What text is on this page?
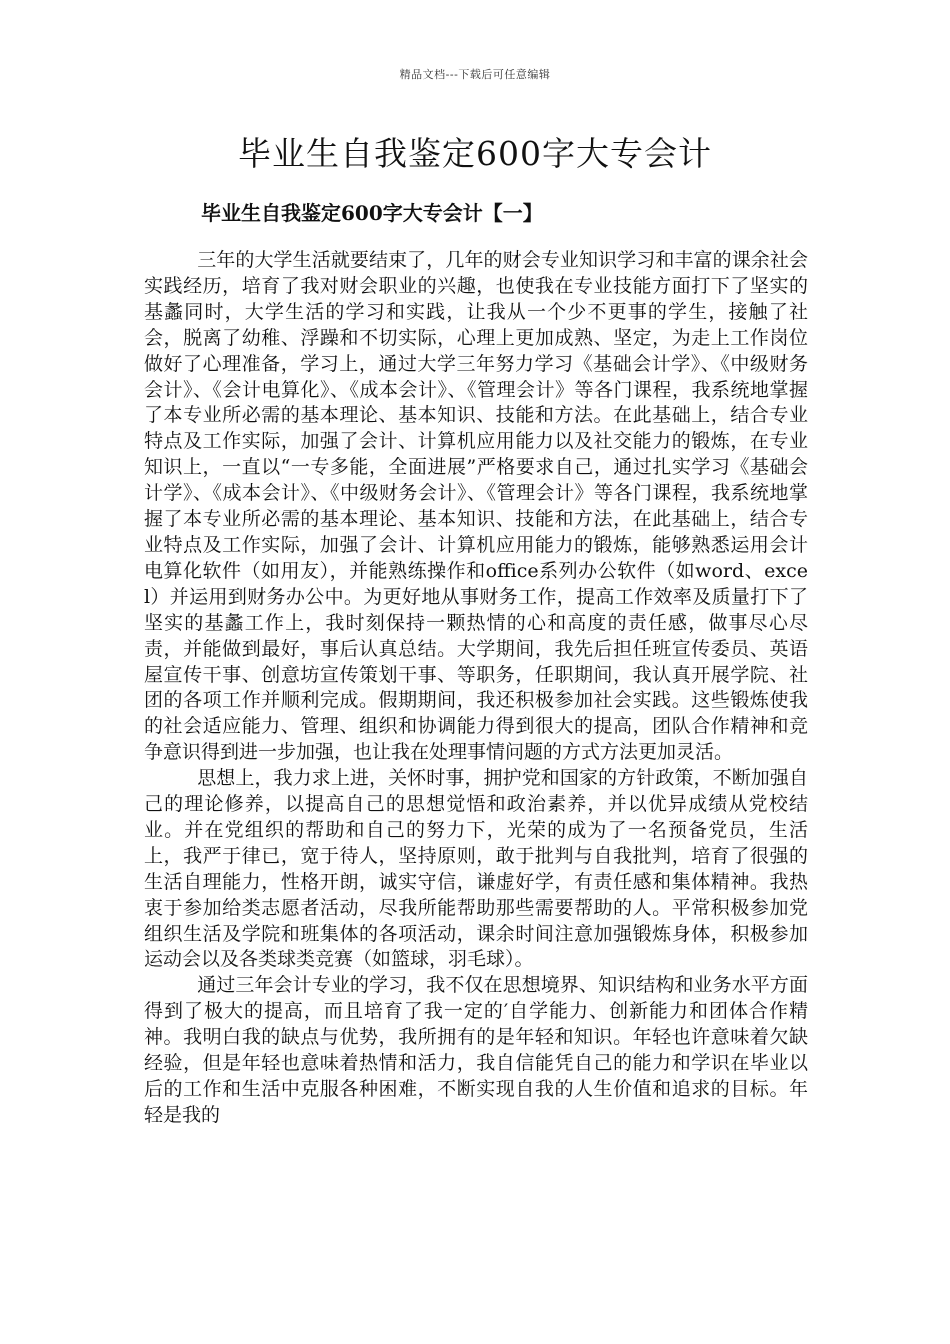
精品文档---下载后可任意编辑
毕业生自我鉴定600字大专会计
毕业生自我鉴定600字大专会计【一】

三年的大学生活就要结束了，几年的财会专业知识学习和丰富的课余社会实践经历，培育了我对财会职业的兴趣，也使我在专业技能方面打下了坚实的基蠡同时，大学生活的学习和实践，让我从一个少不更事的学生，接触了社会，脱离了幼稚、浮躁和不切实际，心理上更加成熟、坚定，为走上工作岗位做好了心理准备，学习上，通过大学三年努力学习《基础会计学》、《中级财务会计》、《会计电算化》、《成本会计》、《管理会计》等各门课程，我系统地掌握了本专业所必需的基本理论、基本知识、技能和方法。在此基础上，结合专业特点及工作实际，加强了会计、计算机应用能力以及社交能力的锻炼，在专业知识上，一直以“一专多能，全面进展”严格要求自己，通过扎实学习《基础会计学》、《成本会计》、《中级财务会计》、《管理会计》等各门课程，我系统地掌握了本专业所必需的基本理论、基本知识、技能和方法，在此基础上，结合专业特点及工作实际，加强了会计、计算机应用能力的锻炼，能够熟悉运用会计电算化软件（如用友），并能熟练操作和office系列办公软件（如word、excel）并运用到财务办公中。为更好地从事财务工作，提高工作效率及质量打下了坚实的基蠡工作上，我时刻保持一颗热情的心和高度的责任感，做事尽心尽责，并能做到最好，事后认真总结。大学期间，我先后担任班宣传委员、英语屋宣传干事、创意坊宣传策划干事、等职务，任职期间，我认真开展学院、社团的各项工作并顺利完成。假期期间，我还积极参加社会实践。这些锻炼使我的社会适应能力、管理、组织和协调能力得到很大的提高，团队合作精神和竞争意识得到进一步加强，也让我在处理事情问题的方式方法更加灵活。

思想上，我力求上进，关怀时事，拥护党和国家的方针政策，不断加强自己的理论修养，以提高自己的思想觉悟和政治素养，并以优异成绩从党校结业。并在党组织的帮助和自己的努力下，光荣的成为了一名预备党员，生活上，我严于律已，宽于待人，坚持原则，敢于批判与自我批判，培育了很强的生活自理能力，性格开朗，诚实守信，谦虚好学，有责任感和集体精神。我热衷于参加给类志愿者活动，尽我所能帮助那些需要帮助的人。平常积极参加党组织生活及学院和班集体的各项活动，课余时间注意加强锻炼身体，积极参加运动会以及各类球类竞赛（如篮球，羽毛球）。

通过三年会计专业的学习，我不仅在思想境界、知识结构和业务水平方面得到了极大的提高，而且培育了我一定的′自学能力、创新能力和团体合作精神。我明白我的缺点与优势，我所拥有的是年轻和知识。年轻也许意味着欠缺经验，但是年轻也意味着热情和活力，我自信能凭自己的能力和学识在毕业以后的工作和生活中克服各种困难，不断实现自我的人生价值和追求的目标。年轻是我的
